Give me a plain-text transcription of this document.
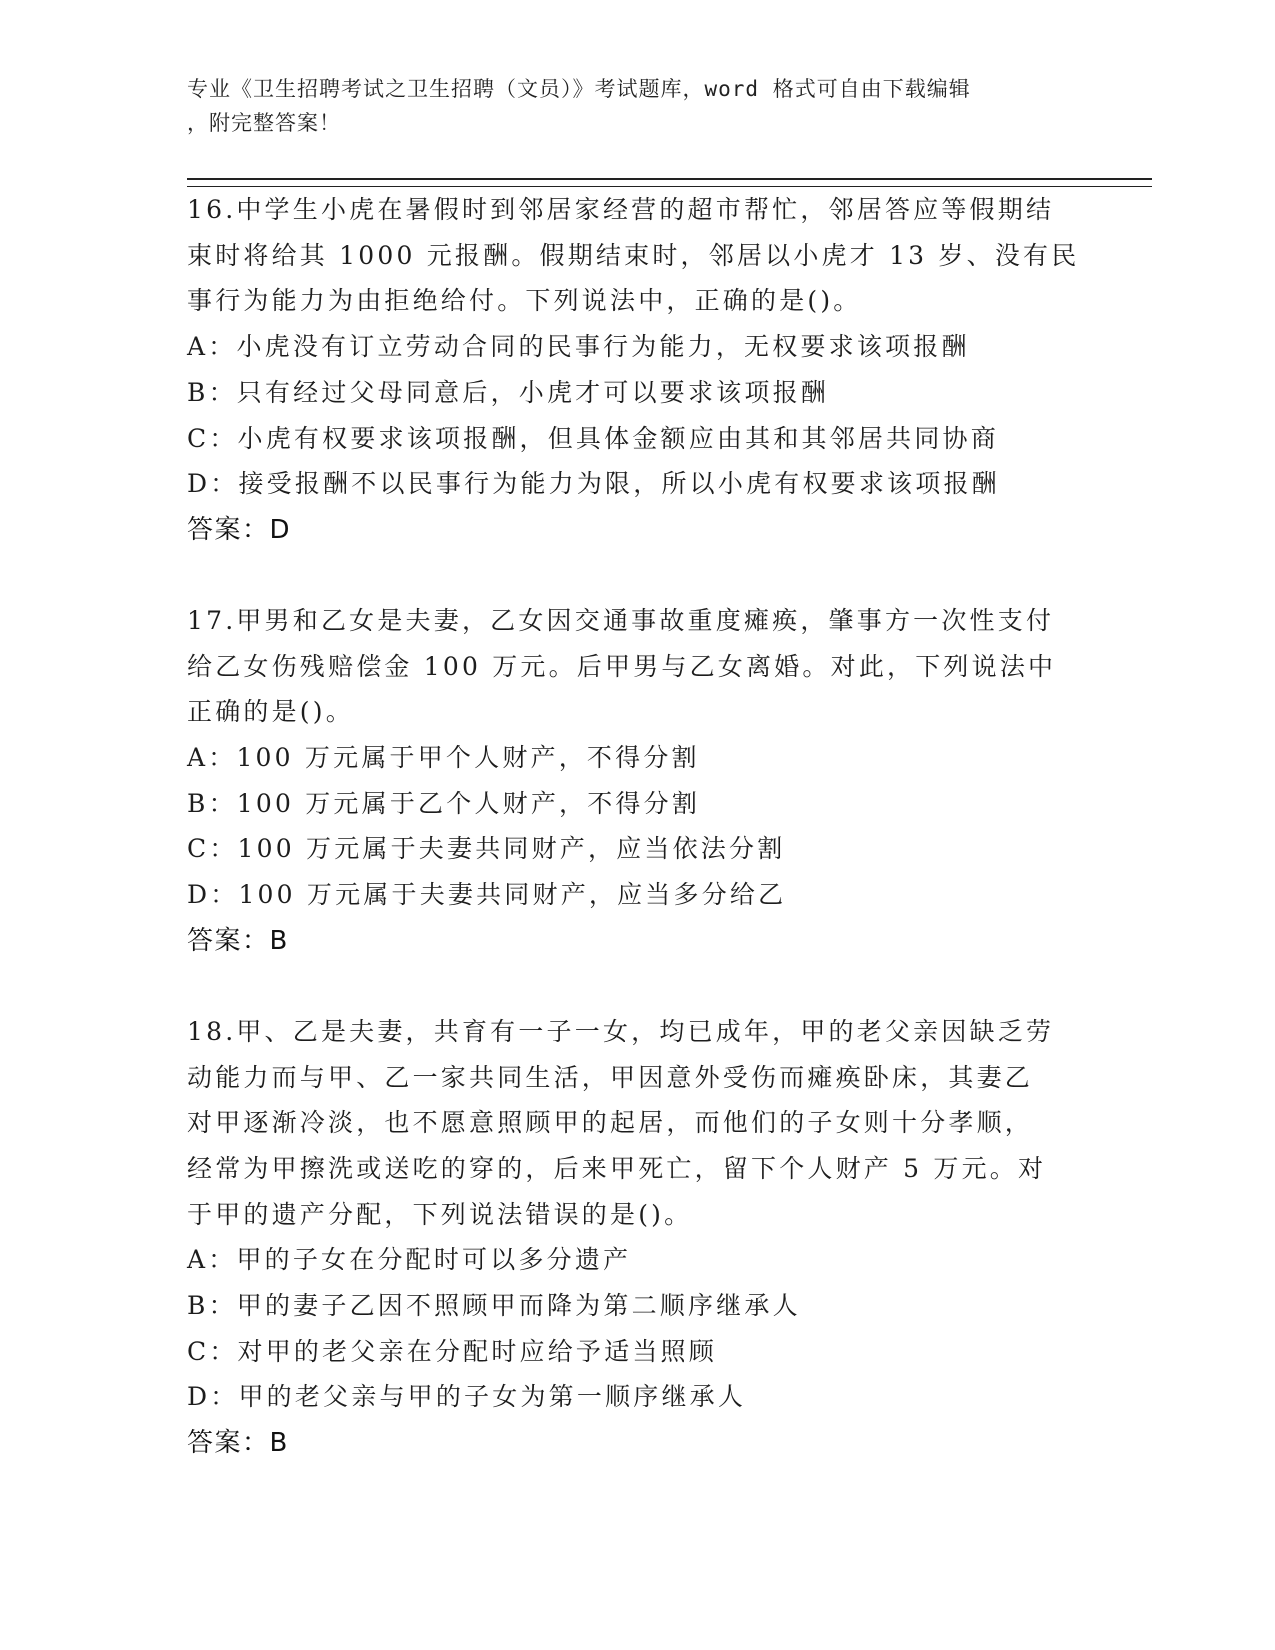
专业《卫生招聘考试之卫生招聘（文员）》考试题库，word 格式可自由下载编辑
，附完整答案！
16.中学生小虎在暑假时到邻居家经营的超市帮忙，邻居答应等假期结
束时将给其 1000 元报酬。假期结束时，邻居以小虎才 13 岁、没有民
事行为能力为由拒绝给付。下列说法中，正确的是()。
A：小虎没有订立劳动合同的民事行为能力，无权要求该项报酬
B：只有经过父母同意后，小虎才可以要求该项报酬
C：小虎有权要求该项报酬，但具体金额应由其和其邻居共同协商
D：接受报酬不以民事行为能力为限，所以小虎有权要求该项报酬
答案：D
17.甲男和乙女是夫妻，乙女因交通事故重度瘫痪，肇事方一次性支付
给乙女伤残赔偿金 100 万元。后甲男与乙女离婚。对此，下列说法中
正确的是()。
A：100 万元属于甲个人财产，不得分割
B：100 万元属于乙个人财产，不得分割
C：100 万元属于夫妻共同财产，应当依法分割
D：100 万元属于夫妻共同财产，应当多分给乙
答案：B
18.甲、乙是夫妻，共育有一子一女，均已成年，甲的老父亲因缺乏劳
动能力而与甲、乙一家共同生活，甲因意外受伤而瘫痪卧床，其妻乙
对甲逐渐冷淡，也不愿意照顾甲的起居，而他们的子女则十分孝顺，
经常为甲擦洗或送吃的穿的，后来甲死亡，留下个人财产 5 万元。对
于甲的遗产分配，下列说法错误的是()。
A：甲的子女在分配时可以多分遗产
B：甲的妻子乙因不照顾甲而降为第二顺序继承人
C：对甲的老父亲在分配时应给予适当照顾
D：甲的老父亲与甲的子女为第一顺序继承人
答案：B
